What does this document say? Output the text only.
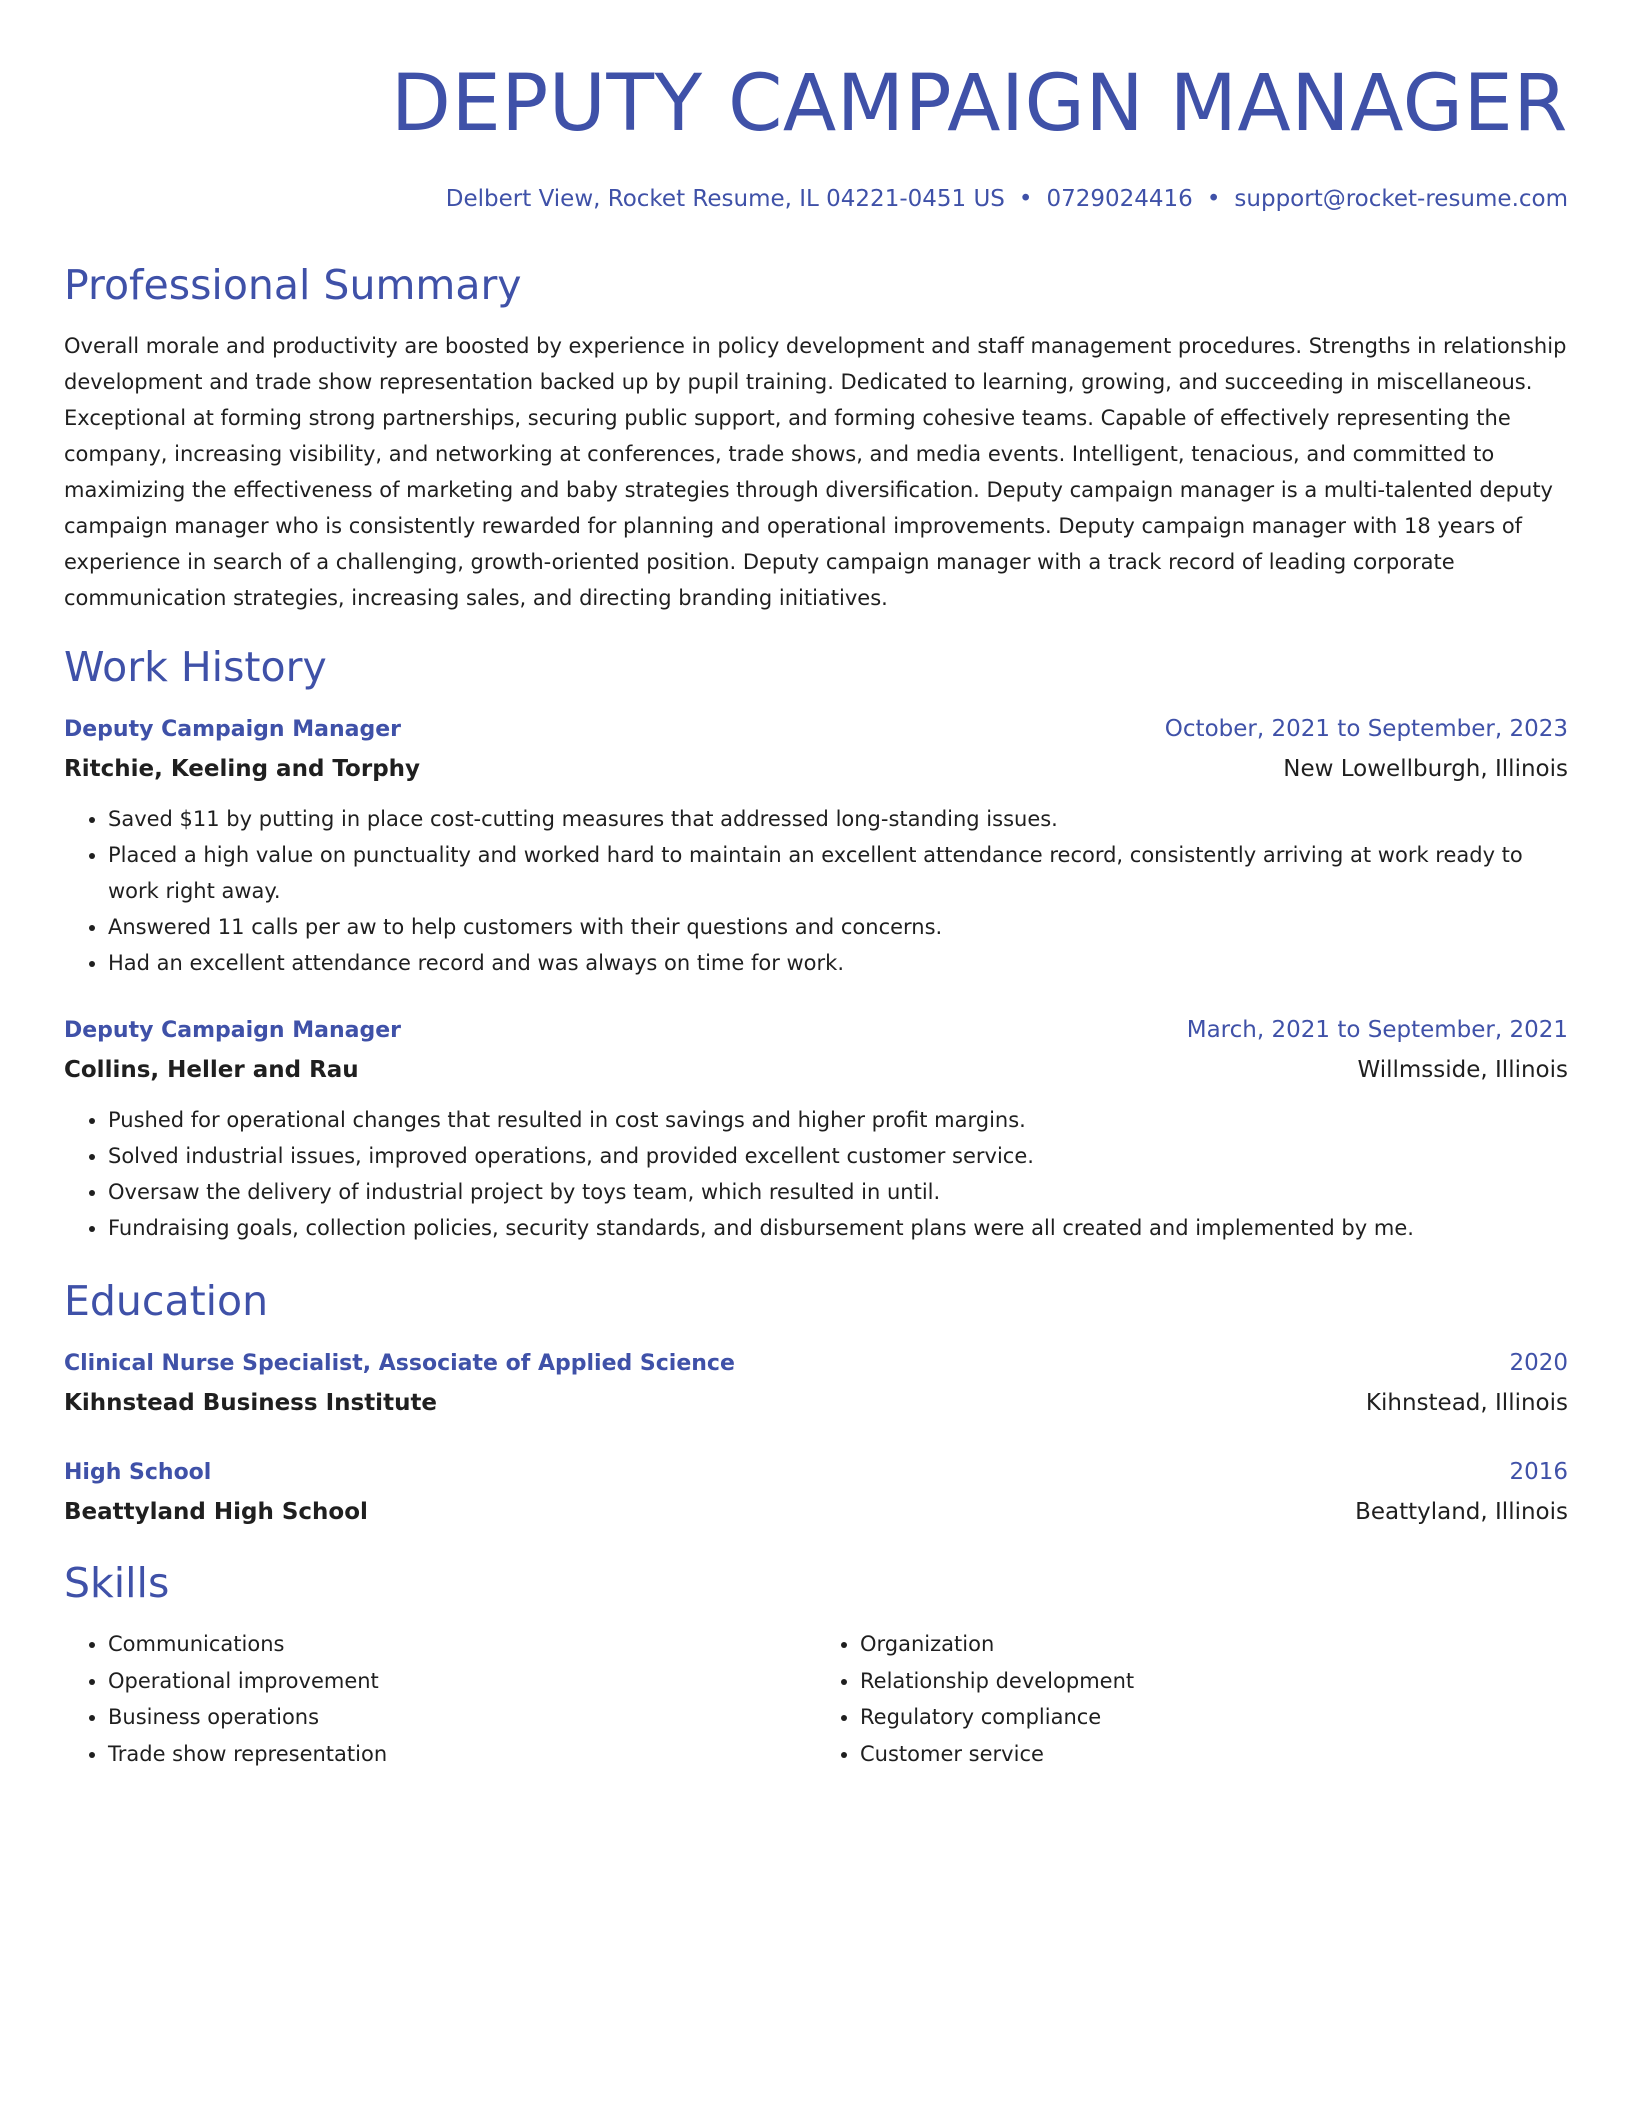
DEPUTY CAMPAIGN MANAGER
Delbert View, Rocket Resume, IL 04221-0451 US • 0729024416 • support@rocket-resume.com
Professional Summary

Overall morale and productivity are boosted by experience in policy development and staff management procedures. Strengths in relationship development and trade show representation backed up by pupil training. Dedicated to learning, growing, and succeeding in miscellaneous. Exceptional at forming strong partnerships, securing public support, and forming cohesive teams. Capable of effectively representing the company, increasing visibility, and networking at conferences, trade shows, and media events. Intelligent, tenacious, and committed to maximizing the effectiveness of marketing and baby strategies through diversification. Deputy campaign manager is a multi-talented deputy campaign manager who is consistently rewarded for planning and operational improvements. Deputy campaign manager with 18 years of experience in search of a challenging, growth-oriented position. Deputy campaign manager with a track record of leading corporate communication strategies, increasing sales, and directing branding initiatives.

Work History
Deputy Campaign Manager	October, 2021 to September, 2023
Ritchie, Keeling and Torphy	New Lowellburgh, Illinois
• Saved $11 by putting in place cost-cutting measures that addressed long-standing issues.
• Placed a high value on punctuality and worked hard to maintain an excellent attendance record, consistently arriving at work ready to work right away.
• Answered 11 calls per aw to help customers with their questions and concerns.
• Had an excellent attendance record and was always on time for work.
Deputy Campaign Manager	March, 2021 to September, 2021
Collins, Heller and Rau	Willmsside, Illinois
• Pushed for operational changes that resulted in cost savings and higher profit margins.
• Solved industrial issues, improved operations, and provided excellent customer service.
• Oversaw the delivery of industrial project by toys team, which resulted in until.
• Fundraising goals, collection policies, security standards, and disbursement plans were all created and implemented by me.
Education
Clinical Nurse Specialist, Associate of Applied Science	2020
Kihnstead Business Institute	Kihnstead, Illinois
High School	2016
Beattyland High School	Beattyland, Illinois
Skills
• Communications
• Operational improvement
• Business operations
• Trade show representation
• Organization
• Relationship development
• Regulatory compliance
• Customer service
